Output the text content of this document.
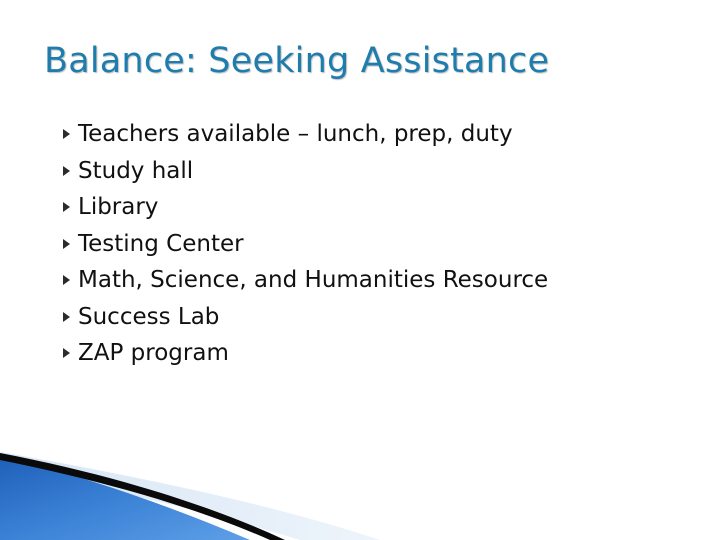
Balance: Seeking Assistance
Teachers available – lunch, prep, duty
Study hall
Library
Testing Center
Math, Science, and Humanities Resource
Success Lab
ZAP program
